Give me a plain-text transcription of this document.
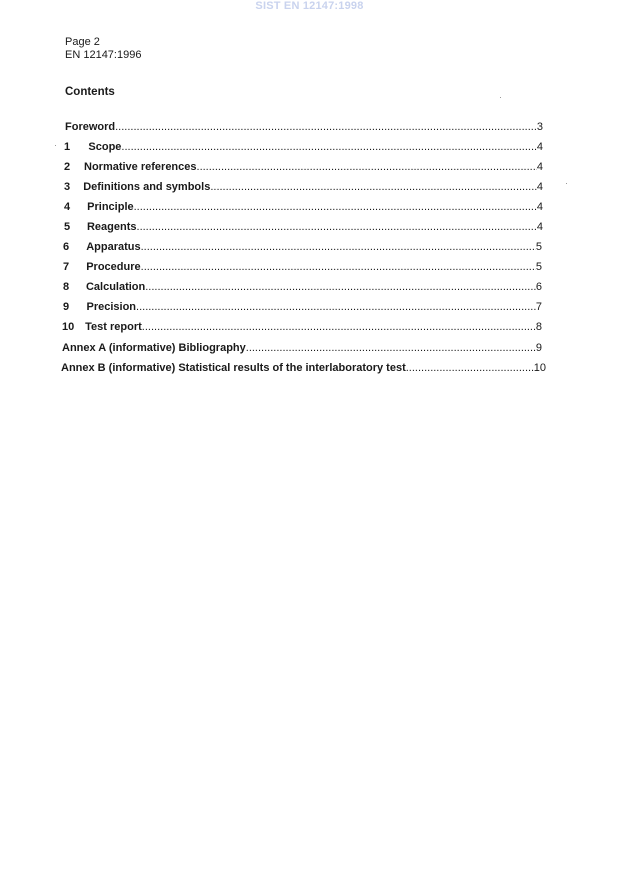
SIST EN 12147:1998
Page 2
EN 12147:1996
Contents
Foreword .....	3
1	Scope .....	4
2	Normative references .....	4
3	Definitions and symbols .....	4
4	Principle .....	4
5	Reagents .....	4
6	Apparatus .....	5
7	Procedure .....	5
8	Calculation .....	6
9	Precision .....	7
10 Test report .....	8
Annex A (informative) Bibliography .....	9
Annex B (informative) Statistical results of the interlaboratory test .....	10
